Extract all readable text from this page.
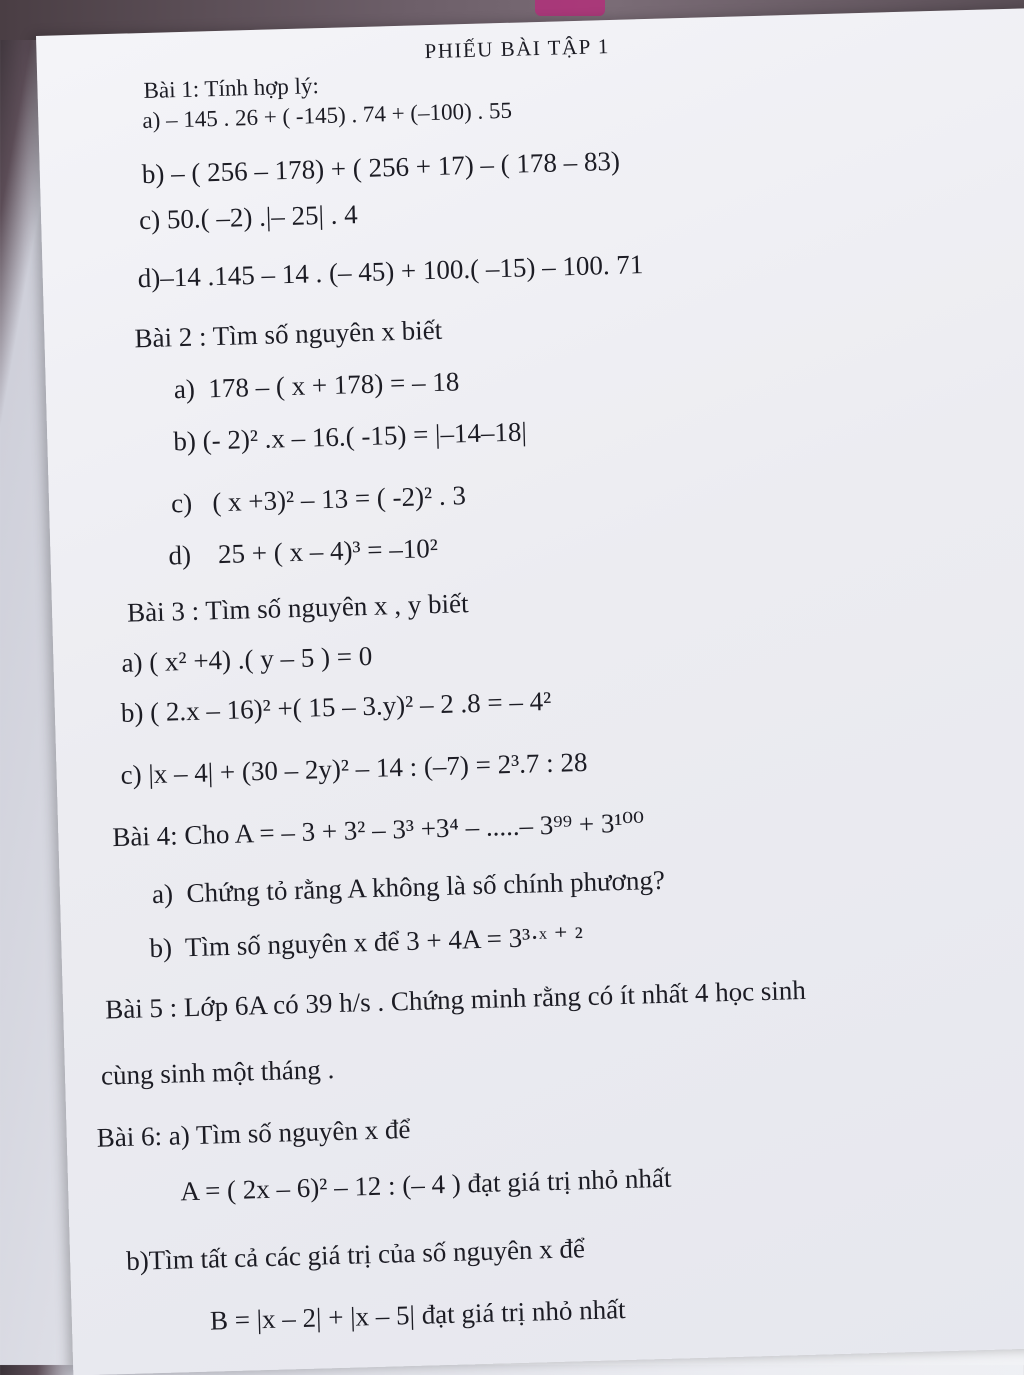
PHIẾU BÀI TẬP 1
Bài 1: Tính hợp lý:
a) – 145 . 26 + ( -145) . 74 + (–100) . 55
b) – ( 256 – 178) + ( 256 + 17) – ( 178 – 83)
c) 50.( –2) .|– 25| . 4
d)–14 .145 – 14 . (– 45) + 100.( –15) – 100. 71
Bài 2 : Tìm số nguyên x biết
a) 178 – ( x + 178) = – 18
b) (- 2)² .x – 16.( -15) = |–14–18|
c) ( x +3)² – 13 = ( -2)² . 3
d) 25 + ( x – 4)³ = –10²
Bài 3 : Tìm số nguyên x , y biết
a) ( x² +4) .( y – 5 ) = 0
b) ( 2.x – 16)² +( 15 – 3.y)² – 2 .8 = – 4²
c) |x – 4| + (30 – 2y)² – 14 : (–7) = 2³.7 : 28
Bài 4: Cho A = – 3 + 3² – 3³ +3⁴ – .....– 3⁹⁹ + 3¹⁰⁰
a) Chứng tỏ rằng A không là số chính phương?
b) Tìm số nguyên x để 3 + 4A = 3³·ˣ ⁺ ²
Bài 5 : Lớp 6A có 39 h/s . Chứng minh rằng có ít nhất 4 học sinh
cùng sinh một tháng .
Bài 6: a) Tìm số nguyên x để
A = ( 2x – 6)² – 12 : (– 4 ) đạt giá trị nhỏ nhất
b)Tìm tất cả các giá trị của số nguyên x để
B = |x – 2| + |x – 5| đạt giá trị nhỏ nhất
